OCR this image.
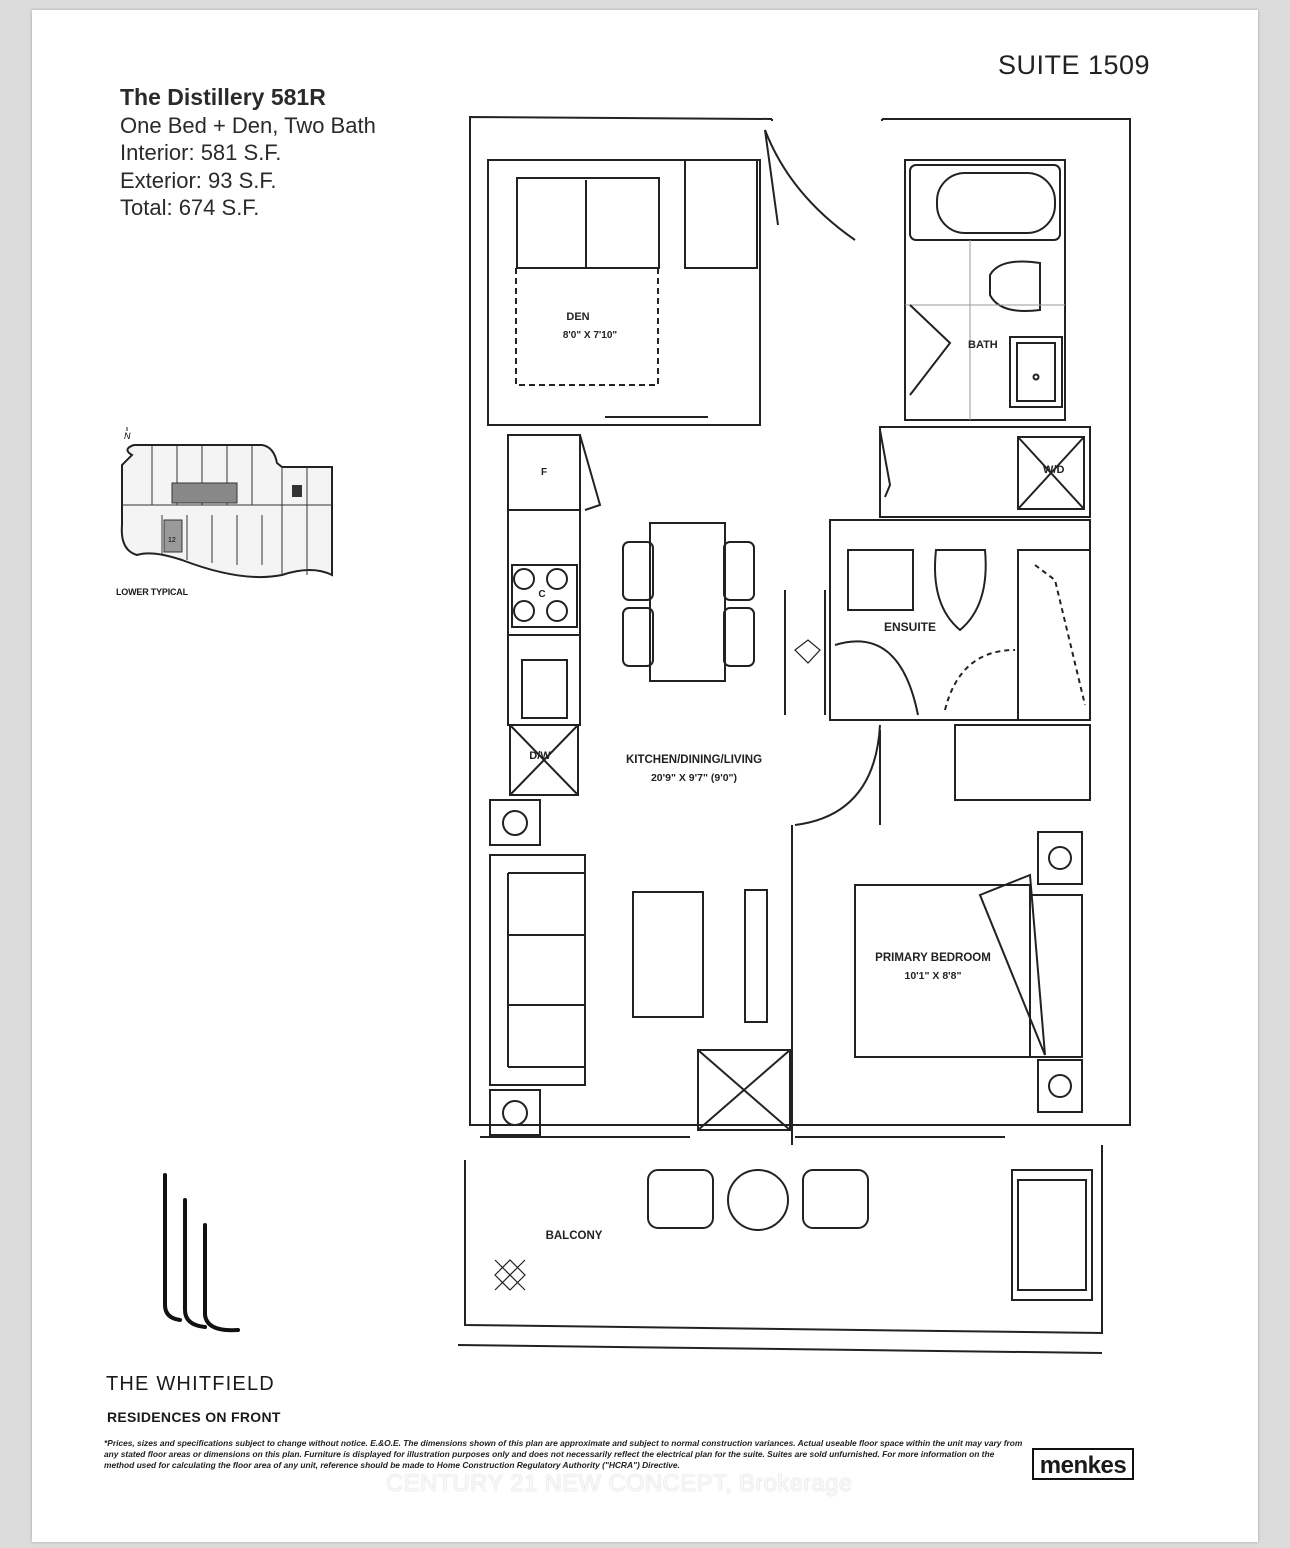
SUITE 1509
The Distillery 581R
One Bed + Den, Two Bath
Interior: 581 S.F.
Exterior: 93 S.F.
Total: 674 S.F.
N
12
LOWER TYPICAL
DEN
8'0" X 7'10"
BATH
W/D
F
C
D/W
ENSUITE
KITCHEN/DINING/LIVING
20'9" X 9'7" (9'0")
PRIMARY BEDROOM
10'1" X 8'8"
BALCONY
THE WHITFIELD
RESIDENCES ON FRONT
*Prices, sizes and specifications subject to change without notice. E.&O.E. The dimensions shown of this plan are approximate and subject to normal construction variances. Actual useable floor space within the unit may vary from any stated floor areas or dimensions on this plan. Furniture is displayed for illustration purposes only and does not necessarily reflect the electrical plan for the suite. Suites are sold unfurnished. For more information on the method used for calculating the floor area of any unit, reference should be made to Home Construction Regulatory Authority ("HCRA") Directive.	menkes
CENTURY 21 NEW CONCEPT, Brokerage
